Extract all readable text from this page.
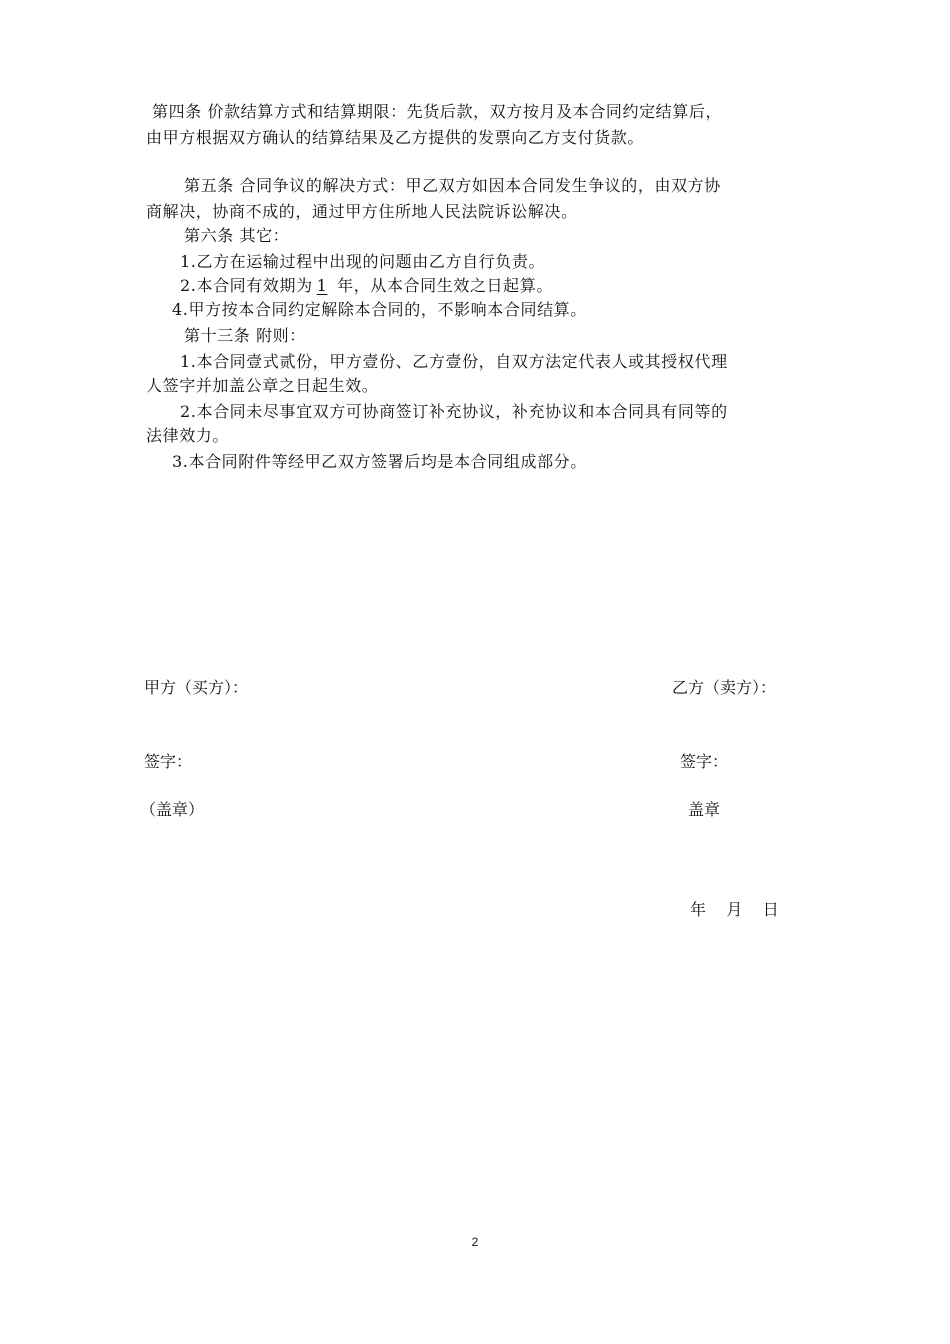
第四条 价款结算方式和结算期限：先货后款，双方按月及本合同约定结算后，
由甲方根据双方确认的结算结果及乙方提供的发票向乙方支付货款。
第五条 合同争议的解决方式：甲乙双方如因本合同发生争议的，由双方协
商解决，协商不成的，通过甲方住所地人民法院诉讼解决。
第六条 其它：
1.乙方在运输过程中出现的问题由乙方自行负责。
2.本合同有效期为 1 年，从本合同生效之日起算。
4.甲方按本合同约定解除本合同的，不影响本合同结算。
第十三条 附则：
1.本合同壹式贰份，甲方壹份、乙方壹份，自双方法定代表人或其授权代理
人签字并加盖公章之日起生效。
2.本合同未尽事宜双方可协商签订补充协议，补充协议和本合同具有同等的
法律效力。
3.本合同附件等经甲乙双方签署后均是本合同组成部分。
甲方（买方）：	乙方（卖方）：
签字：	签字：
（盖章）	盖章
年    月    日
2
